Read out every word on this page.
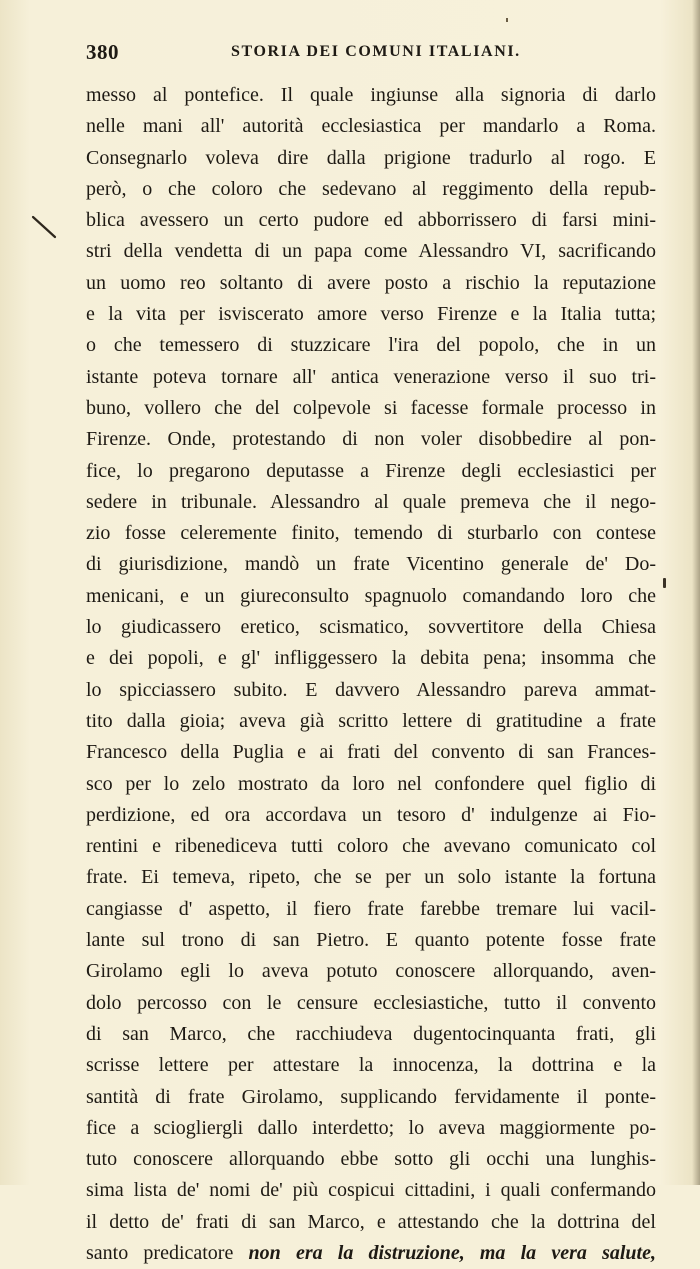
380	STORIA DEI COMUNI ITALIANI.
messo al pontefice. Il quale ingiunse alla signoria di darlo
nelle mani all' autorità ecclesiastica per mandarlo a Roma.
Consegnarlo voleva dire dalla prigione tradurlo al rogo. E
però, o che coloro che sedevano al reggimento della repub-
blica avessero un certo pudore ed abborrissero di farsi mini-
stri della vendetta di un papa come Alessandro VI, sacrificando
un uomo reo soltanto di avere posto a rischio la reputazione
e la vita per isviscerato amore verso Firenze e la Italia tutta;
o che temessero di stuzzicare l'ira del popolo, che in un
istante poteva tornare all' antica venerazione verso il suo tri-
buno, vollero che del colpevole si facesse formale processo in
Firenze. Onde, protestando di non voler disobbedire al pon-
fice, lo pregarono deputasse a Firenze degli ecclesiastici per
sedere in tribunale. Alessandro al quale premeva che il nego-
zio fosse celeremente finito, temendo di sturbarlo con contese
di giurisdizione, mandò un frate Vicentino generale de' Do-
menicani, e un giureconsulto spagnuolo comandando loro che
lo giudicassero eretico, scismatico, sovvertitore della Chiesa
e dei popoli, e gl' infliggessero la debita pena; insomma che
lo spicciassero subito. E davvero Alessandro pareva ammat-
tito dalla gioia; aveva già scritto lettere di gratitudine a frate
Francesco della Puglia e ai frati del convento di san Frances-
sco per lo zelo mostrato da loro nel confondere quel figlio di
perdizione, ed ora accordava un tesoro d' indulgenze ai Fio-
rentini e ribenediceva tutti coloro che avevano comunicato col
frate. Ei temeva, ripeto, che se per un solo istante la fortuna
cangiasse d' aspetto, il fiero frate farebbe tremare lui vacil-
lante sul trono di san Pietro. E quanto potente fosse frate
Girolamo egli lo aveva potuto conoscere allorquando, aven-
dolo percosso con le censure ecclesiastiche, tutto il convento
di san Marco, che racchiudeva dugentocinquanta frati, gli
scrisse lettere per attestare la innocenza, la dottrina e la
santità di frate Girolamo, supplicando fervidamente il ponte-
fice a sciogliergli dallo interdetto; lo aveva maggiormente po-
tuto conoscere allorquando ebbe sotto gli occhi una lunghis-
sima lista de' nomi de' più cospicui cittadini, i quali confermando
il detto de' frati di san Marco, e attestando che la dottrina del
santo predicatore non era la distruzione, ma la vera salute,
